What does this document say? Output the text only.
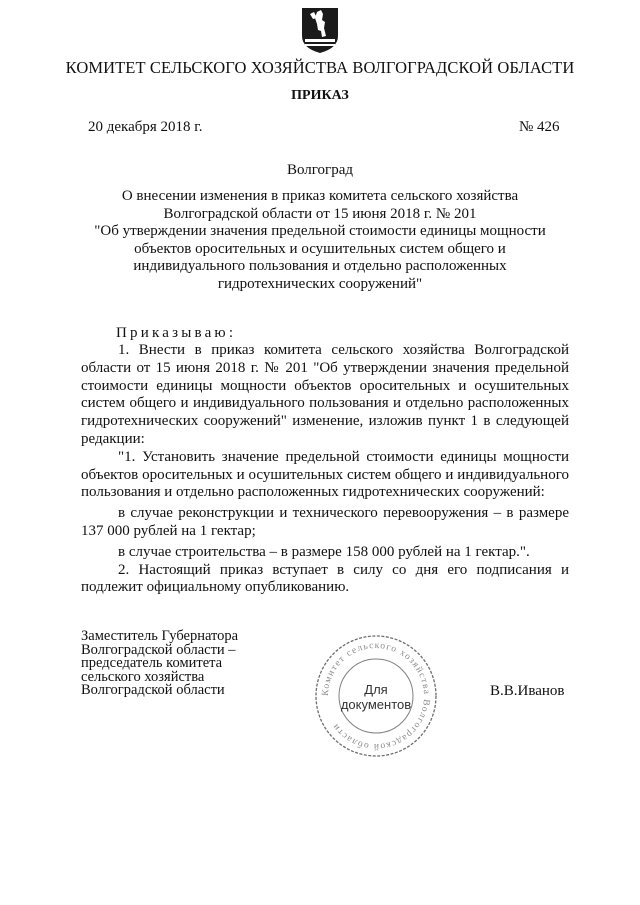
КОМИТЕТ СЕЛЬСКОГО ХОЗЯЙСТВА ВОЛГОГРАДСКОЙ ОБЛАСТИ
ПРИКАЗ
20 декабря 2018 г.	№ 426
Волгоград
О внесении изменения в приказ комитета сельского хозяйства
Волгоградской области от 15 июня 2018 г. № 201
"Об утверждении значения предельной стоимости единицы мощности
объектов оросительных и осушительных систем общего и
индивидуального пользования и отдельно расположенных
гидротехнических сооружений"
Приказываю:

1. Внести в приказ комитета сельского хозяйства Волгоградской области от 15 июня 2018 г. № 201 "Об утверждении значения предельной стоимости единицы мощности объектов оросительных и осушительных систем общего и индивидуального пользования и отдельно расположенных гидротехнических сооружений" изменение, изложив пункт 1 в следующей редакции:

"1. Установить значение предельной стоимости единицы мощности объектов оросительных и осушительных систем общего и индивидуального пользования и отдельно расположенных гидротехнических сооружений:

в случае реконструкции и технического перевооружения – в размере 137 000 рублей на 1 гектар;

в случае строительства – в размере 158 000 рублей на 1 гектар.".

2. Настоящий приказ вступает в силу со дня его подписания и подлежит официальному опубликованию.

Заместитель Губернатора
Волгоградской области –
председатель комитета
сельского хозяйства
Волгоградской области	В.В.Иванов
Комитет сельского хозяйства Волгоградской области
Для
документов
